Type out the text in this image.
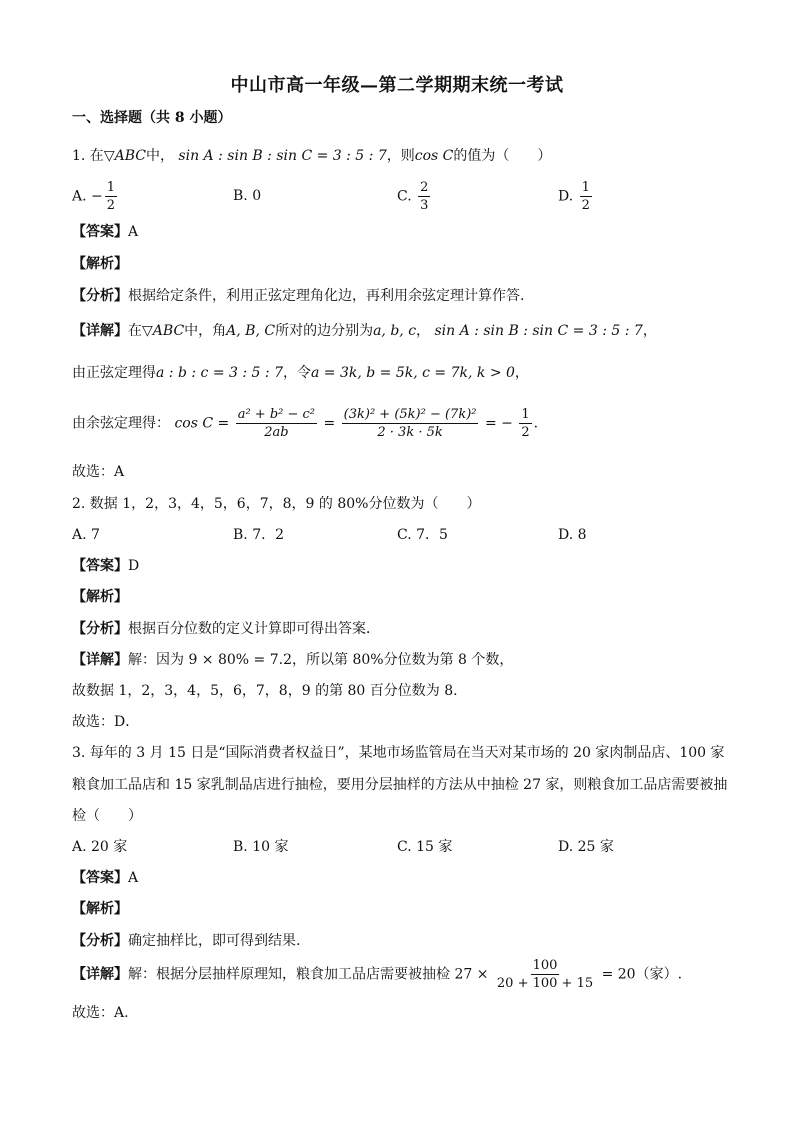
中山市高一年级—第二学期期末统一考试
一、选择题（共 8 小题）
1. 在▽ABC中， sin A : sin B : sin C = 3 : 5 : 7，则cos C的值为（　　）
A. − $\frac{1}{2}$	B. 0	C. $\frac{2}{3}$	D. $\frac{1}{2}$
【答案】A
【解析】
【分析】根据给定条件，利用正弦定理角化边，再利用余弦定理计算作答.
【详解】在▽ABC中，角A, B, C所对的边分别为a, b, c， sin A : sin B : sin C = 3 : 5 : 7，
由正弦定理得a : b : c = 3 : 5 : 7，令a = 3k, b = 5k, c = 7k, k > 0，
由余弦定理得： $\cos C = \frac{\text{a² + b² − c²}}{2ab} = \frac{\text{(3k)² + (5k)² − (7k)²}}{2 \cdot 3k \cdot 5k}$ = − $\frac{1}{2}$ .
故选：A
2. 数据 1，2，3，4，5，6，7，8，9 的 80%分位数为（　　）
A. 7	B. 7．2	C. 7．5	D. 8
【答案】D
【解析】
【分析】根据百分位数的定义计算即可得出答案．
【详解】解：因为 9 × 80% = 7.2，所以第 80%分位数为第 8 个数，
故数据 1，2，3，4，5，6，7，8，9 的第 80 百分位数为 8.
故选：D．
3. 每年的 3 月 15 日是“国际消费者权益日”，某地市场监管局在当天对某市场的 20 家肉制品店、100 家
粮食加工品店和 15 家乳制品店进行抽检，要用分层抽样的方法从中抽检 27 家，则粮食加工品店需要被抽
检（　　）
A. 20 家	B. 10 家	C. 15 家	D. 25 家
【答案】A
【解析】
【分析】确定抽样比，即可得到结果.
【详解】解：根据分层抽样原理知，粮食加工品店需要被抽检 $27 \times \frac{100}{20 + 100 + 15} = 20$（家）.
故选：A.
